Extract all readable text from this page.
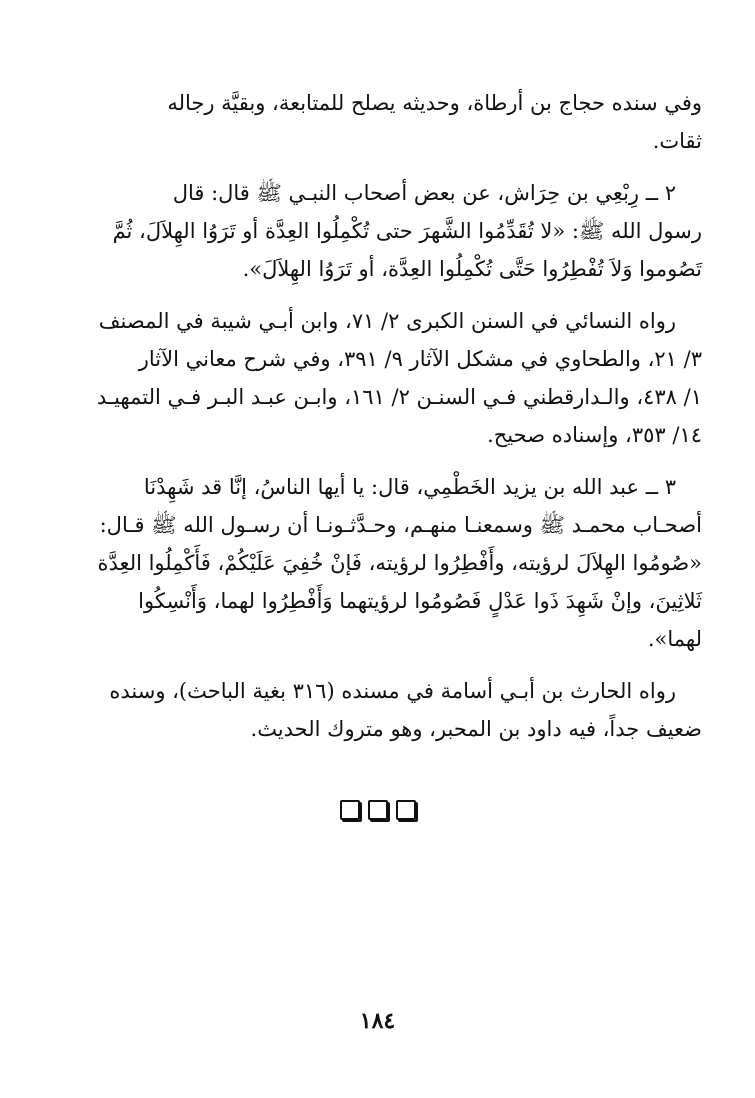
وفي سنده حجاج بن أرطاة، وحديثه يصلح للمتابعة، وبقيَّة رجاله

ثقات.

٢ ــ رِبْعِي بن حِرَاش، عن بعض أصحاب النبـي ﷺ قال: قال

رسول الله ﷺ: «لا تُقَدِّمُوا الشَّهرَ حتى تُكْمِلُوا العِدَّة أو تَرَوُا الهِلاَلَ، ثُمَّ

تَصُوموا وَلاَ تُفْطِرُوا حَتَّى تُكْمِلُوا العِدَّة، أو تَرَوُا الهِلاَلَ».

رواه النسائي في السنن الكبرى ٢/ ٧١، وابن أبـي شيبة في المصنف

٣/ ٢١، والطحاوي في مشكل الآثار ٩/ ٣٩١، وفي شرح معاني الآثار

١/ ٤٣٨، والـدارقطني فـي السنـن ٢/ ١٦١، وابـن عبـد البـر فـي التمهيـد

١٤/ ٣٥٣، وإسناده صحيح.

٣ ــ عبد الله بن يزيد الخَطْمِي، قال: يا أيها الناسُ، إنَّا قد شَهِدْنَا

أصحـاب محمـد ﷺ وسمعنـا منهـم، وحـدَّثـونـا أن رسـول الله ﷺ قـال:

«صُومُوا الهِلاَلَ لرؤيته، وأَفْطِرُوا لرؤيته، فَإنْ خُفِيَ عَلَيْكُمْ، فَأَكْمِلُوا العِدَّة

ثَلاثِينَ، وإنْ شَهِدَ ذَوا عَدْلٍ فَصُومُوا لرؤيتهما وَأَفْطِرُوا لهما، وَأَنْسِكُوا

لهما».

رواه الحارث بن أبـي أسامة في مسنده (٣١٦ بغية الباحث)، وسنده

ضعيف جداً، فيه داود بن المحبر، وهو متروك الحديث.

١٨٤
